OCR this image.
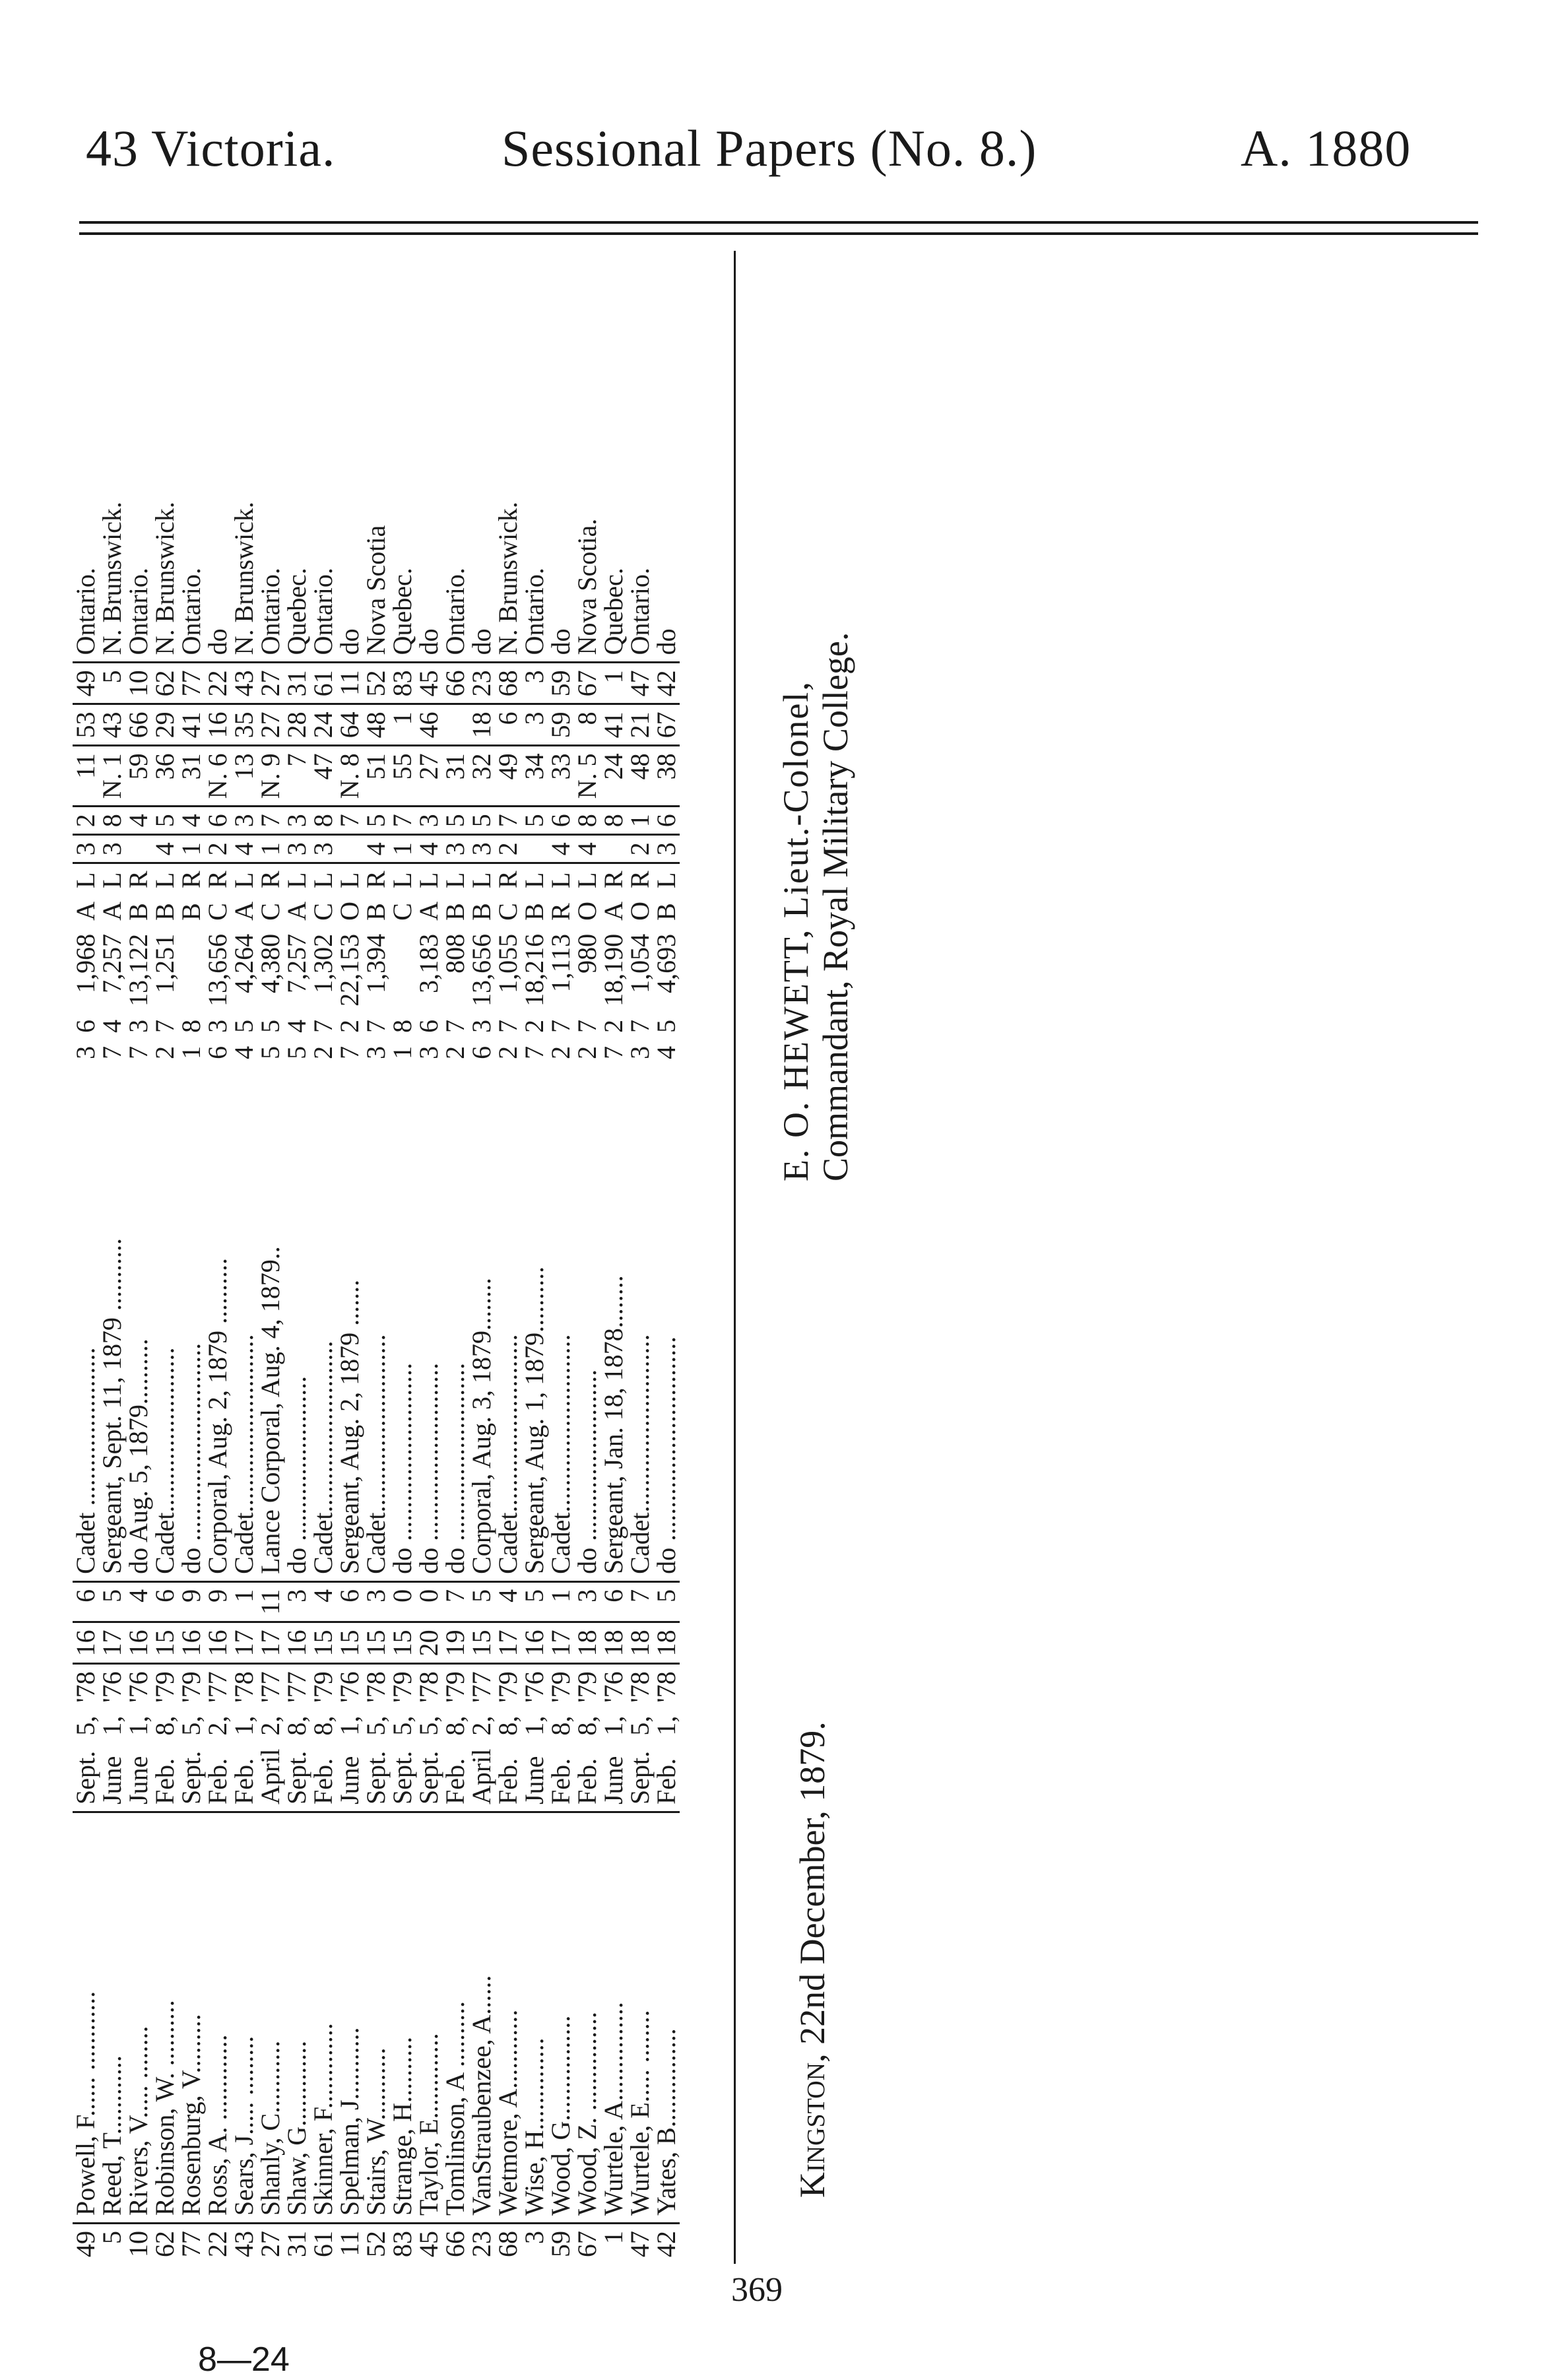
43 Victoria.	Sessional Papers (No. 8.)	A. 1880
49	Powell, F...... ............	Sept.	5,	'78	16	6	Cadet ........................	3	6	1,968	A	L	3	2	11	53	49	Ontario.
5	Reed, T............	June	1,	'76	17	5	Sergeant, Sept. 11, 1879 ...........	7	4	7,257	A	L	3	8	N. 1	43	5	N. Brunswick.
10	Rivers, V..... ........	June	1,	'76	16	4	do Aug. 5, 1879..........	7	3	13,122	B	R		4	59	66	10	Ontario.
62	Robinson, W. ..........	Feb.	8,	'79	15	6	Cadet.........................	2	7	1,251	B	L	4	5	36	29	62	N. Brunswick.
77	Rosenburg, V.........	Sept.	5,	'79	16	9	do ..............................	1	8		B	R	1	4	31	41	77	Ontario.
22	Ross, A. .............	Feb.	2,	'77	16	9	Corporal, Aug. 2, 1879 ..........	6	3	13,656	C	R	2	6	N. 6	16	22	do
43	Sears, J..... .........	Feb.	1,	'78	17	1	Cadet...........................	4	5	4,264	A	L	4	3	13	35	43	N. Brunswick.
27	Shanly, C...........	April	2,	'77	17	11	Lance Corporal, Aug. 4, 1879..	5	5	4,380	C	R	1	7	N. 9	27	27	Ontario.
31	Shaw, G.............	Sept.	8,	'77	16	3	do .........................	5	4	7,257	A	L	3	3	7	28	31	Quebec.
61	Skinner, F.............	Feb.	8,	'79	15	4	Cadet..........................	2	7	1,302	C	L	3	8	47	24	61	Ontario.
11	Spelman, J...........	June	1,	'76	15	6	Sergeant, Aug. 2, 1879 .......	7	2	22,153	O	L		7	N. 8	64	11	do
52	Stairs, W...........	Sept.	5,	'78	15	3	Cadet...........................	3	7	1,394	B	R	4	5	51	48	52	Nova Scotia
83	Strange, H..........	Sept.	5,	'79	15	0	do ...........................	1	8		C	L	1	7	55	1	83	Quebec.
45	Taylor, E.............	Sept.	5,	'78	20	0	do ...........................	3	6	3,183	A	L	4	3	27	46	45	do
66	Tomlinson, A ..........	Feb.	8,	'79	19	7	do ...........................	2	7	808	B	L	3	5	31		66	Ontario.
23	VanStraubenzee, A......	April	2,	'77	15	5	Corporal, Aug. 3, 1879........	6	3	13,656	B	L	3	5	32	18	23	do
68	Wetmore, A............	Feb.	8,	'79	17	4	Cadet...........................	2	7	1,055	C	R	2	7	49	6	68	N. Brunswick.
3	Wise, H..............	June	1,	'76	16	5	Sergeant, Aug. 1, 1879..........	7	2	18,216	B	L		5	34	3	3	Ontario.
59	Wood, G................	Feb.	8,	'79	17	1	Cadet...........................	2	7	1,113	R	L	4	6	33	59	59	do
67	Wood, Z. ...............	Feb.	8,	'79	18	3	do ..........................	2	7	980	O	L	4	8	N. 5	8	67	Nova Scotia.
1	Wurtele, A...............	June	1,	'76	18	6	Sergeant, Jan. 18, 1878........	7	2	18,190	A	R		8	24	41	1	Quebec.
47	Wurtele, E..... ........	Sept.	5,	'78	18	7	Cadet...........................	3	7	1,054	O	R	2	1	48	21	47	Ontario.
42	Yates, B...............	Feb.	1,	'78	18	5	do ...............................	4	5	4,693	B	L	3	6	38	67	42	do
E. O. HEWETT, Lieut.-Colonel, Commandant, Royal Military College.
Kingston, 22nd December, 1879.
369
8—24
